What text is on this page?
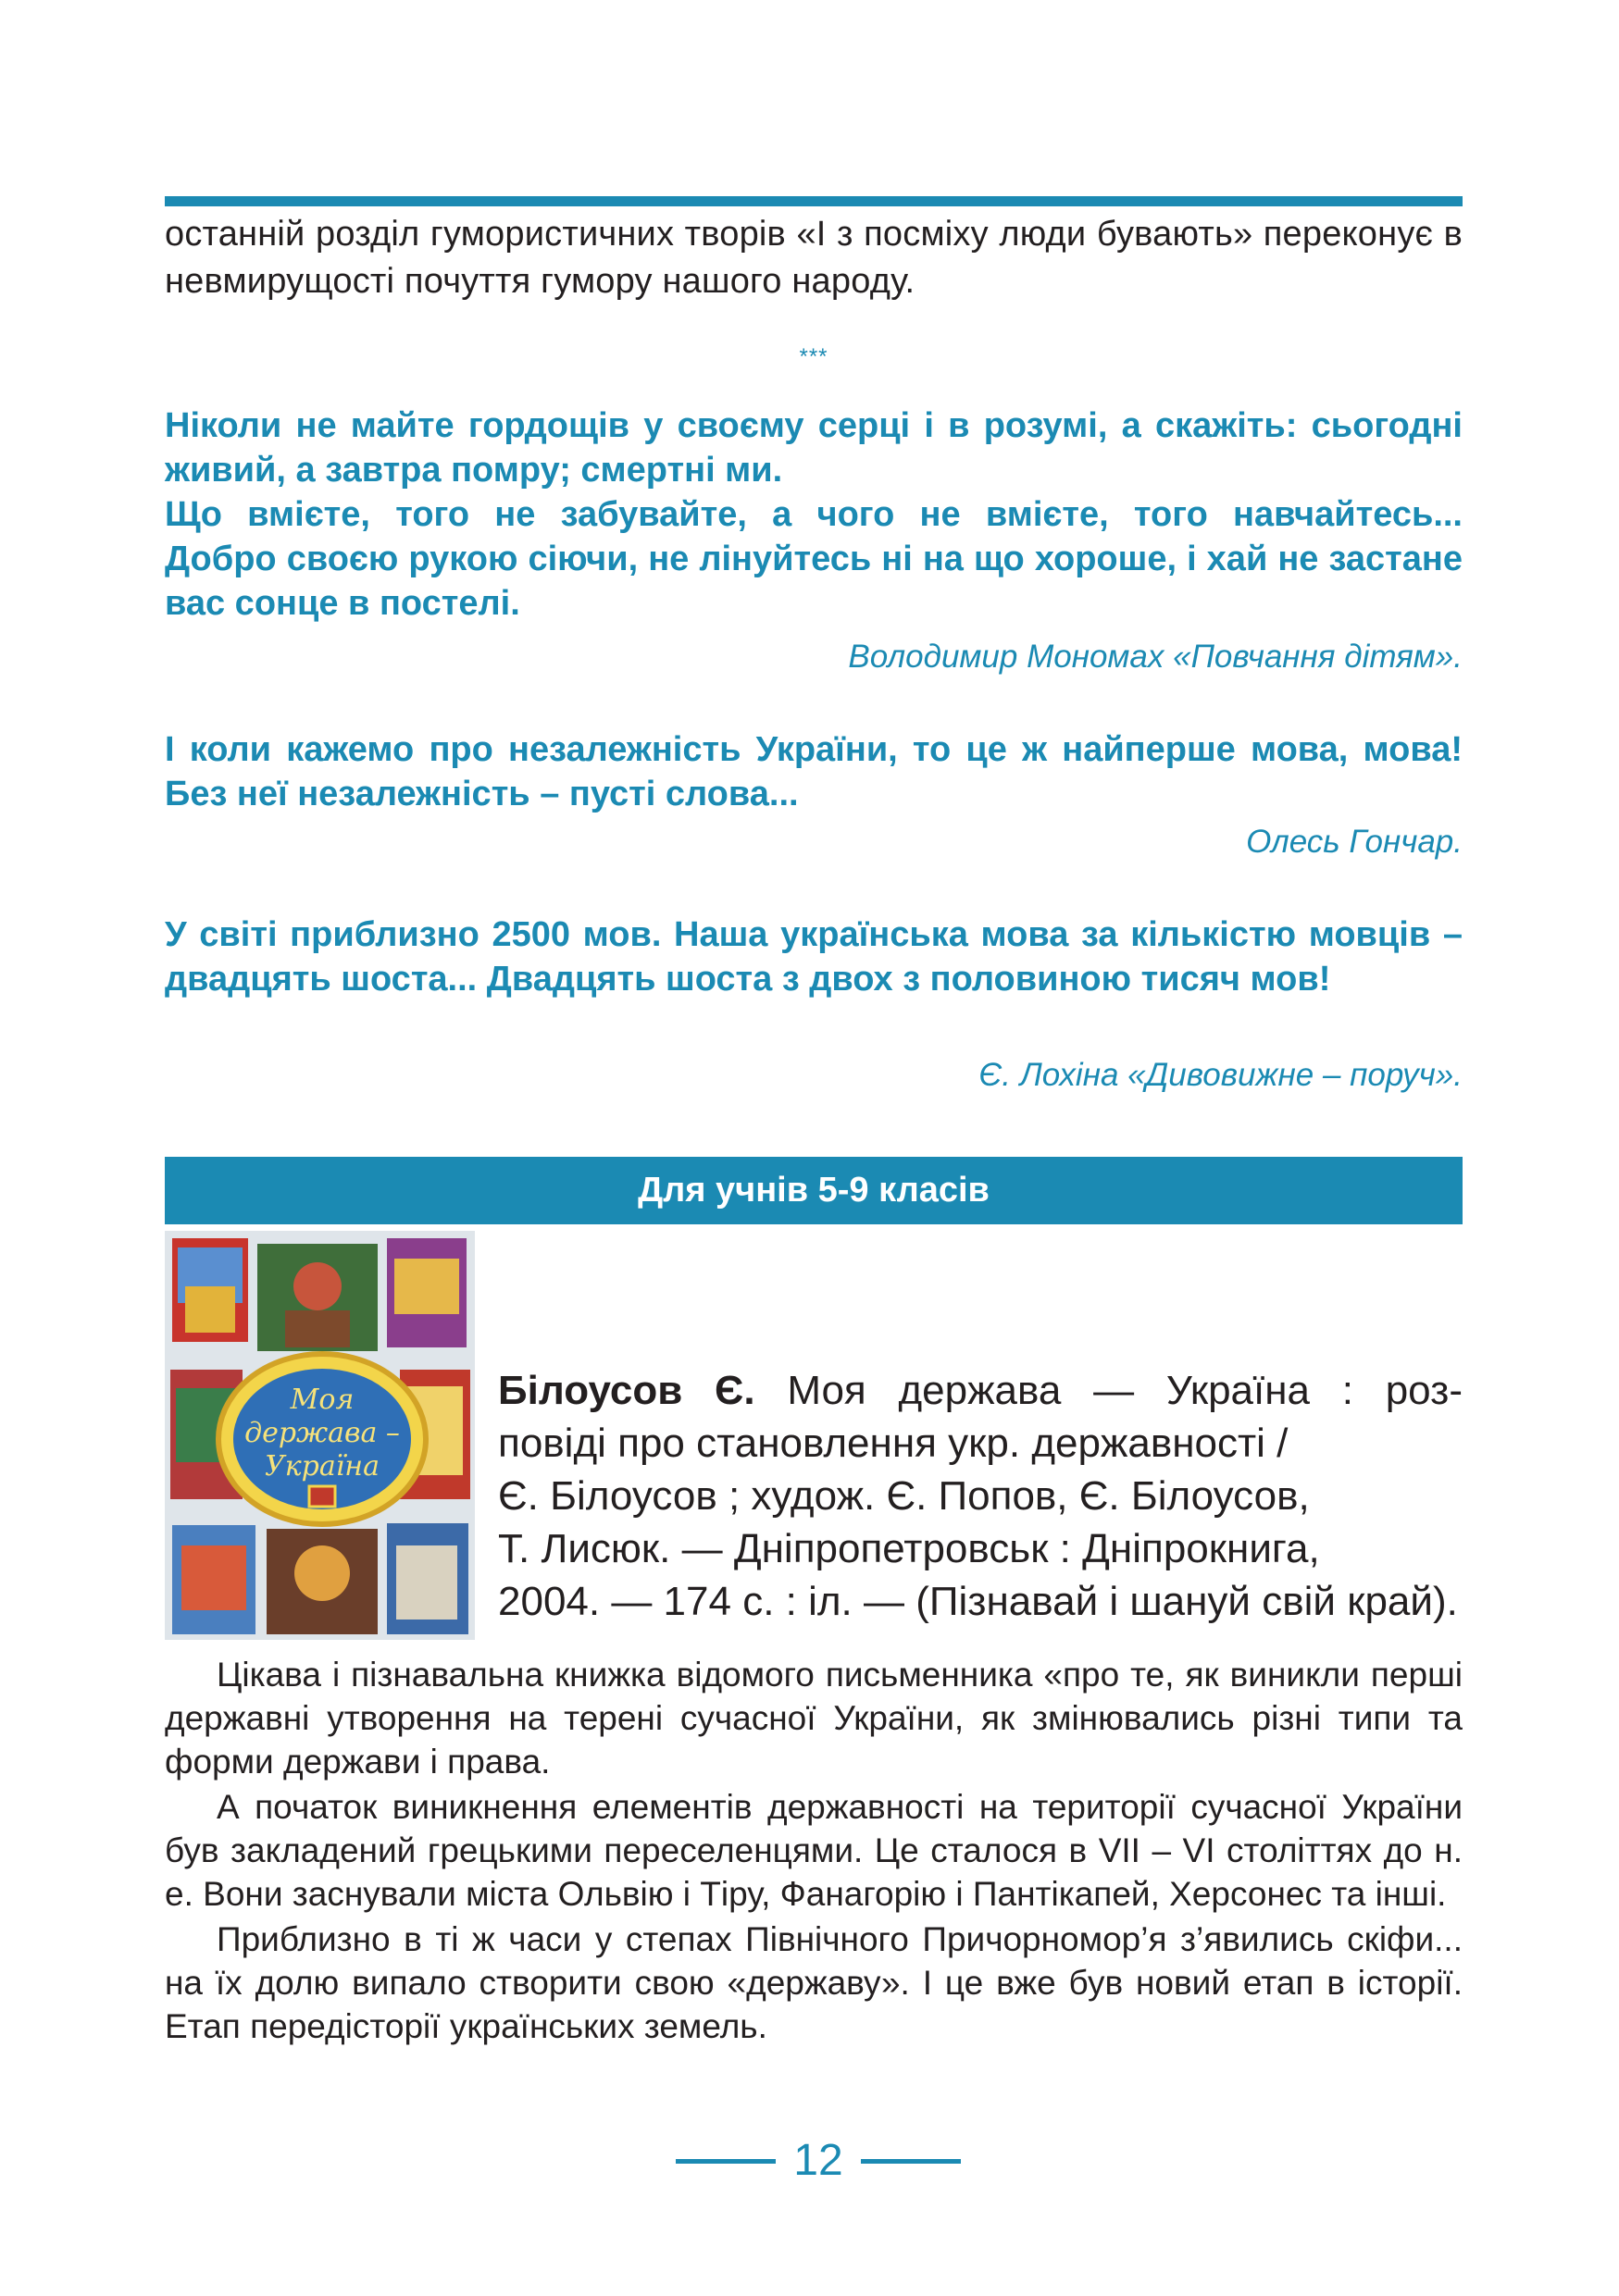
останній розділ гумористичних творів «І з посміху люди бувають» переконує в невмирущості почуття гумору нашого народу.
***

Ніколи не майте гордощів у своєму серці і в розумі, а скажіть: сьогодні живий, а завтра помру; смертні ми.

Що вмієте, того не забувайте, а чого не вмієте, того навчайтесь...

Добро своєю рукою сіючи, не лінуйтесь ні на що хороше, і хай не застане вас сонце в постелі.

Володимир Мономах «Повчання дітям».

І коли кажемо про незалежність України, то це ж найперше мова, мова! Без неї незалежність – пусті слова...

Олесь Гончар.

У світі приблизно 2500 мов. Наша українська мова за кількістю мовців – двадцять шоста... Двадцять шоста з двох з половиною тисяч мов!

Є. Лохіна «Дивовижне – поруч».
Для учнів 5-9 класів
Моя
держава –
Україна
Білоусов Є. Моя держава — Україна : роз-
повіді про становлення укр. державності /
Є. Білоусов ; худож. Є. Попов, Є. Білоусов,
Т. Лисюк. — Дніпропетровськ : Дніпрокнига,
2004. — 174 с. : іл. — (Пізнавай і шануй свій край).

Цікава і пізнавальна книжка відомого письменника «про те, як виникли перші державні утворення на терені сучасної України, як змінювались різні типи та форми держави і права.

А початок виникнення елементів державності на території сучасної України був закладений грецькими переселенцями. Це сталося в VII – VI століттях до н. е. Вони заснували міста Ольвію і Тіру, Фанагорію і Пантікапей, Херсонес та інші.

Приблизно в ті ж часи у степах Північного Причорномор’я з’явились скіфи... на їх долю випало створити свою «державу». І це вже був новий етап в історії. Етап передісторії українських земель.

12
